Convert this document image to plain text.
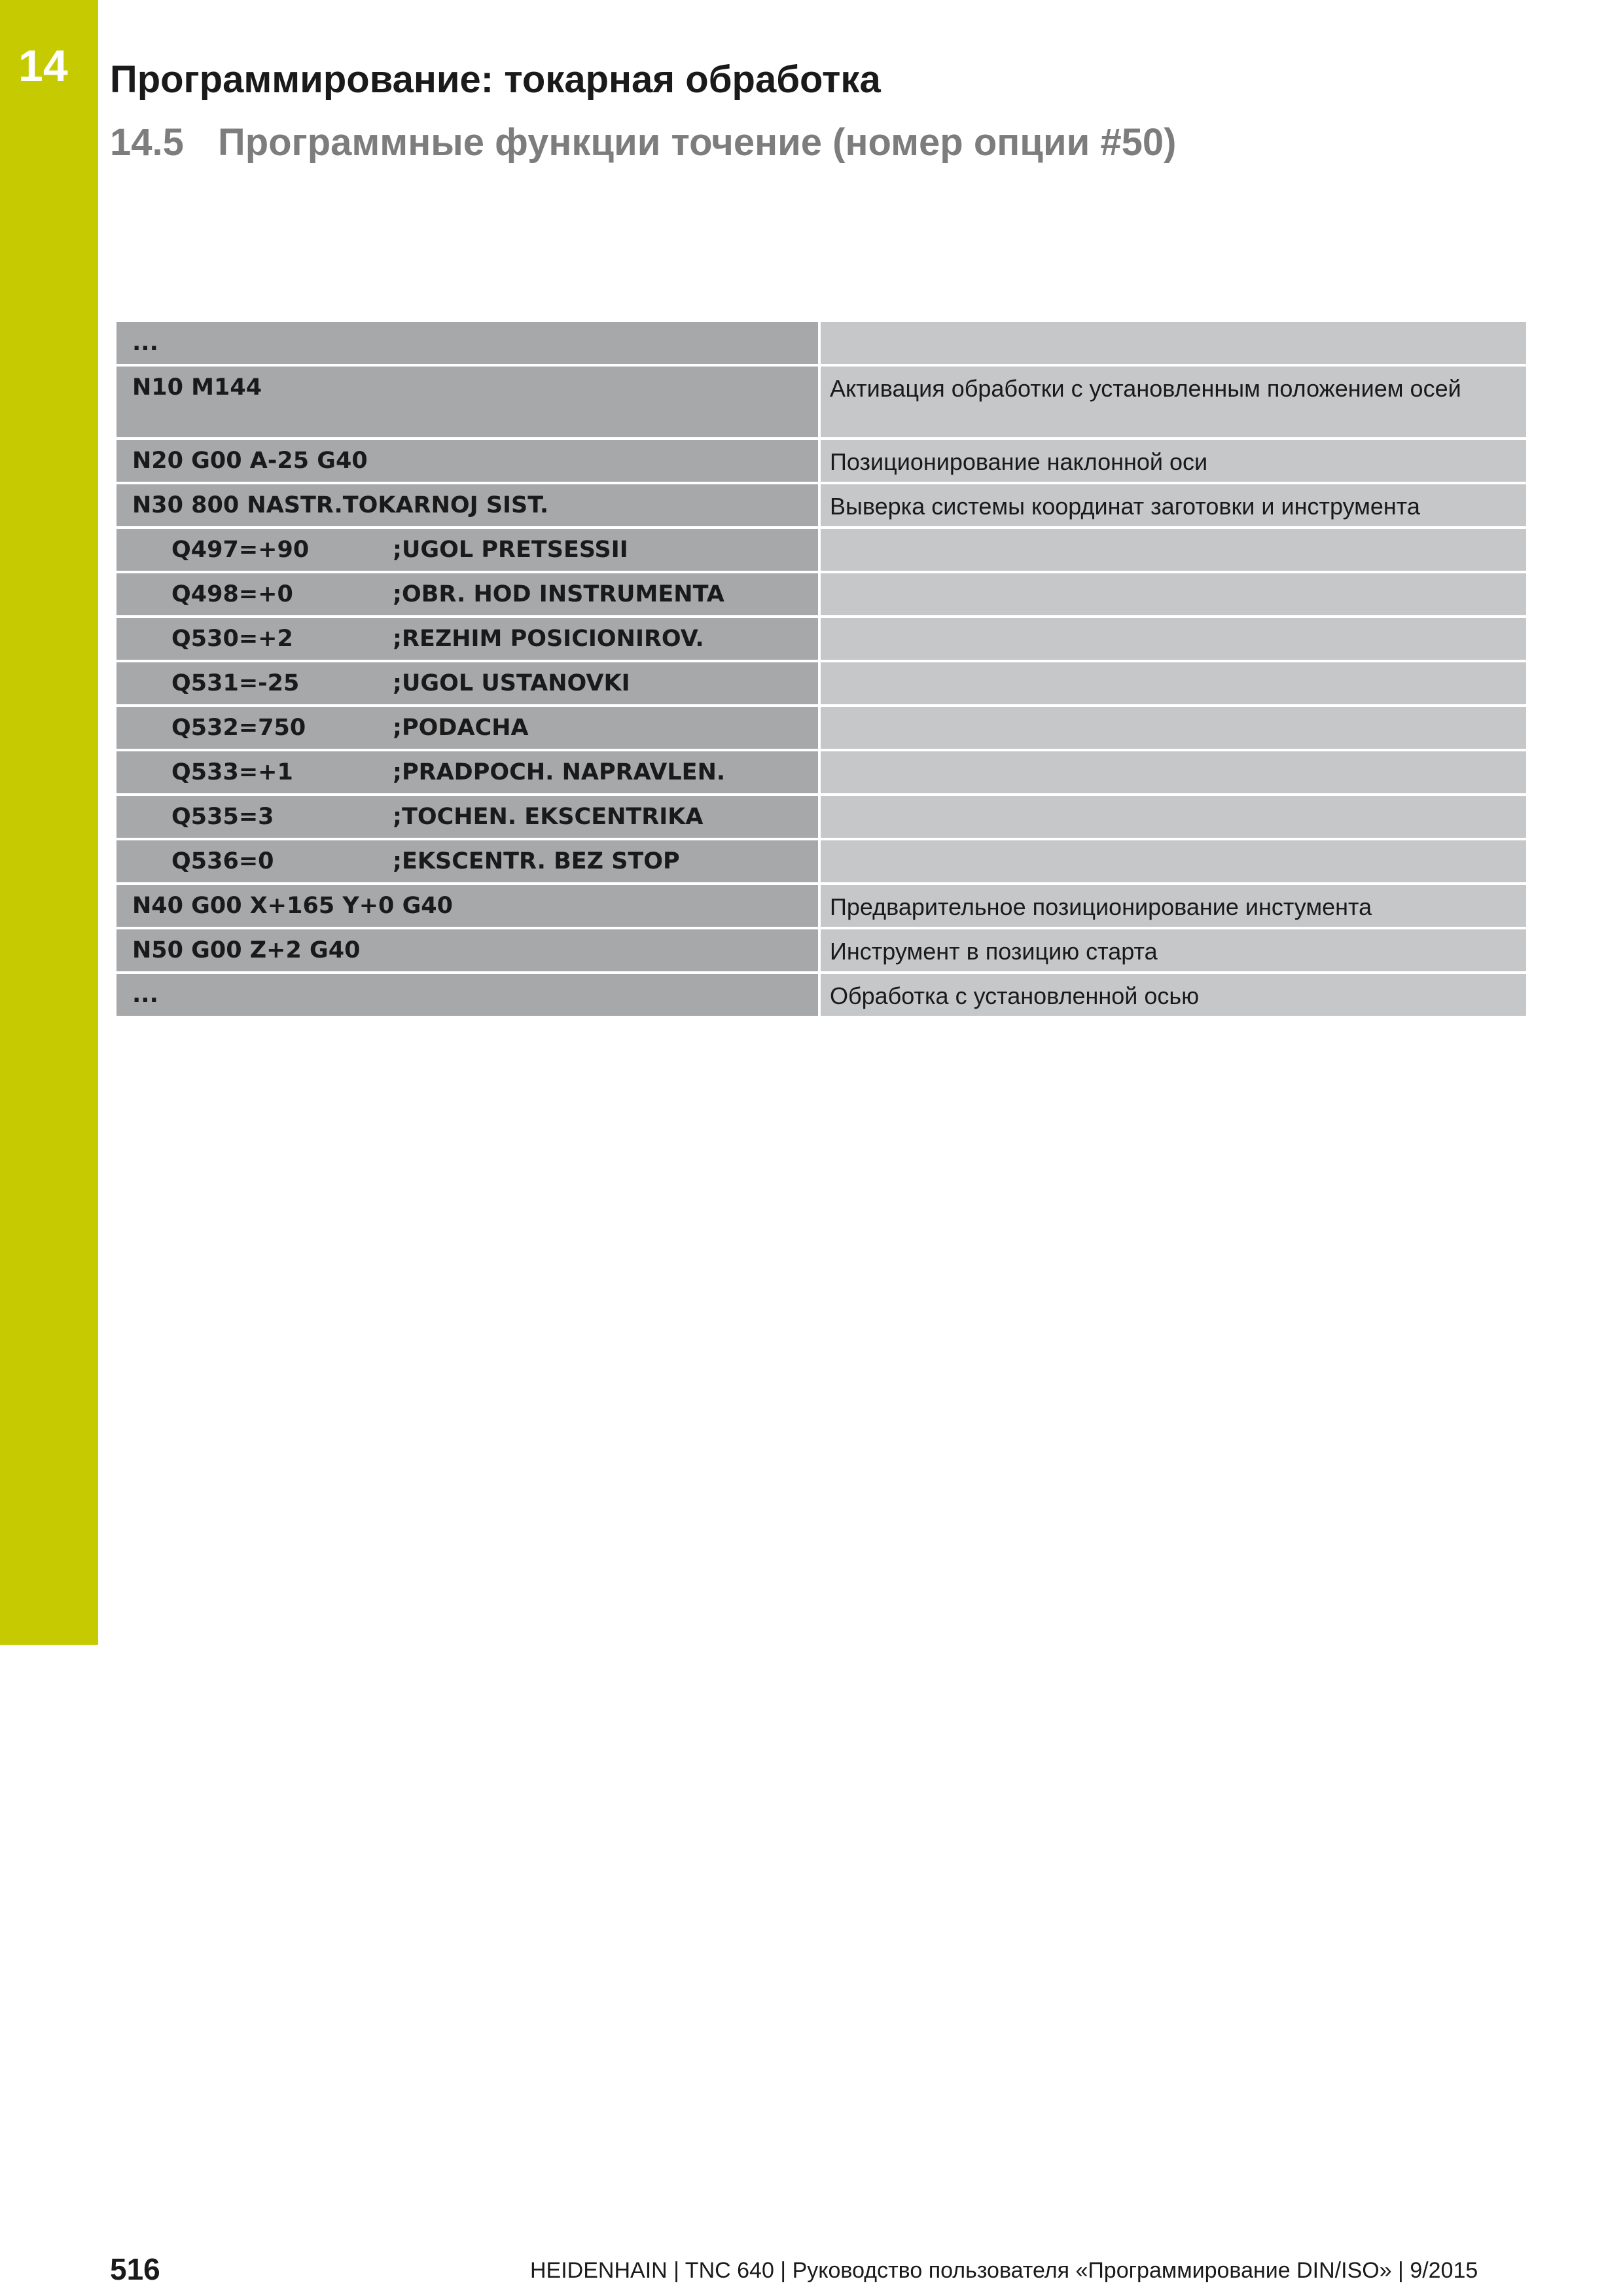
14 Программирование: токарная обработка
14.5 Программные функции точение (номер опции #50)
...	
N10 M144	Активация обработки с установленным положением осей
N20 G00 A-25 G40	Позиционирование наклонной оси
N30 800 NASTR.TOKARNOJ SIST.	Выверка системы координат заготовки и инструмента
Q497=+90 ;UGOL PRETSESSII	
Q498=+0 ;OBR. HOD INSTRUMENTA	
Q530=+2 ;REZHIM POSICIONIROV.	
Q531=-25 ;UGOL USTANOVKI	
Q532=750 ;PODACHA	
Q533=+1 ;PRADPOCH. NAPRAVLEN.	
Q535=3 ;TOCHEN. EKSCENTRIKA	
Q536=0 ;EKSCENTR. BEZ STOP	
N40 G00 X+165 Y+0 G40	Предварительное позиционирование инстумента
N50 G00 Z+2 G40	Инструмент в позицию старта
...	Обработка с установленной осью
516	HEIDENHAIN | TNC 640 | Руководство пользователя «Программирование DIN/ISO» | 9/2015
